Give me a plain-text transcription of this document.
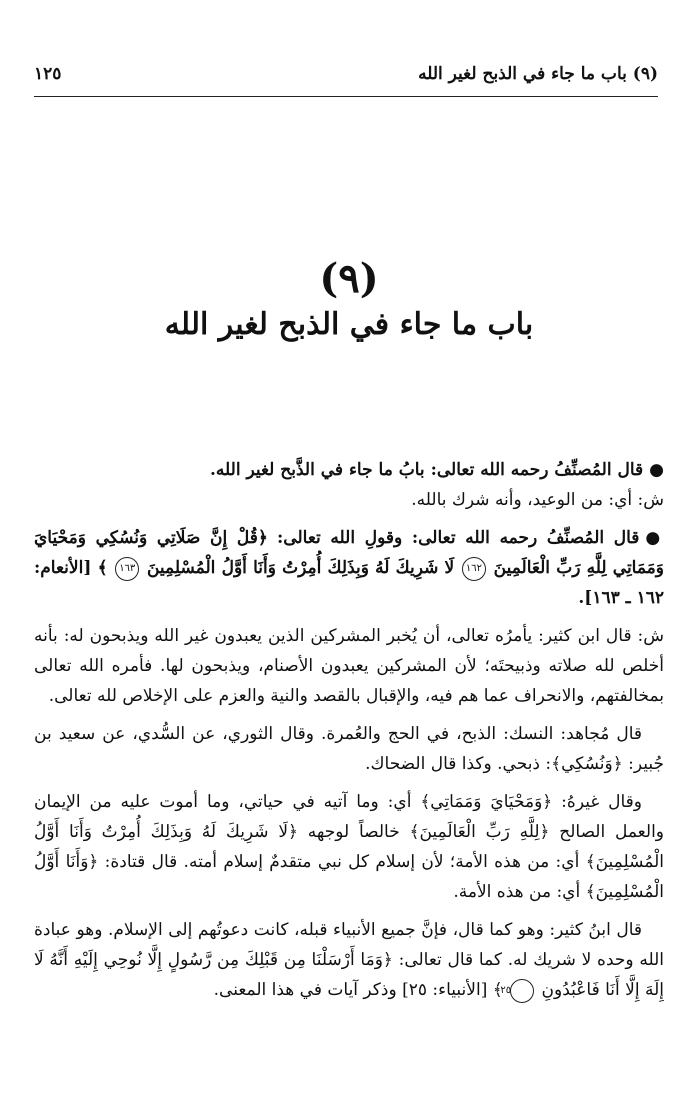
(٩) باب ما جاء في الذبح لغير الله
١٢٥
(٩)
باب ما جاء في الذبح لغير الله

●قال المُصنِّفُ رحمه الله تعالى: بابُ ما جاء في الذَّبح لغير الله.

ش: أي: من الوعيد، وأنه شرك بالله.

●قال المُصنِّفُ رحمه الله تعالى: وقولِ الله تعالى: ﴿قُلْ إِنَّ صَلَاتِي وَنُسُكِي وَمَحْيَايَ وَمَمَاتِي لِلَّهِ رَبِّ الْعَالَمِينَ ١٦٢ لَا شَرِيكَ لَهُ وَبِذَلِكَ أُمِرْتُ وَأَنَا أَوَّلُ الْمُسْلِمِينَ ١٦٣ ﴾ [الأنعام: ١٦٢ ـ ١٦٣].

ش: قال ابن كثير: يأمرُه تعالى، أن يُخبر المشركين الذين يعبدون غير الله ويذبحون له: بأنه أخلص لله صلاته وذبيحتَه؛ لأن المشركين يعبدون الأصنام، ويذبحون لها. فأمره الله تعالى بمخالفتهم، والانحراف عما هم فيه، والإقبال بالقصد والنية والعزم على الإخلاص لله تعالى.

قال مُجاهد: النسك: الذبح، في الحج والعُمرة. وقال الثوري، عن السُّدي، عن سعيد بن جُبير: ﴿وَنُسُكِي﴾: ذبحي. وكذا قال الضحاك.

وقال غيرهُ: ﴿وَمَحْيَايَ وَمَمَاتِي﴾ أي: وما آتيه في حياتي، وما أموت عليه من الإيمان والعمل الصالح ﴿لِلَّهِ رَبِّ الْعَالَمِينَ﴾ خالصاً لوجهه ﴿لَا شَرِيكَ لَهُ وَبِذَلِكَ أُمِرْتُ وَأَنَا أَوَّلُ الْمُسْلِمِينَ﴾ أي: من هذه الأمة؛ لأن إسلام كل نبي متقدمٌ إسلام أمته. قال قتادة: ﴿وَأَنَا أَوَّلُ الْمُسْلِمِينَ﴾ أي: من هذه الأمة.

قال ابنُ كثير: وهو كما قال، فإنَّ جميع الأنبياء قبله، كانت دعوتُهم إلى الإسلام. وهو عبادة الله وحده لا شريك له. كما قال تعالى: ﴿وَمَا أَرْسَلْنَا مِن قَبْلِكَ مِن رَّسُولٍ إِلَّا نُوحِي إِلَيْهِ أَنَّهُ لَا إِلَهَ إِلَّا أَنَا فَاعْبُدُونِ ٢٥ ﴾ [الأنبياء: ٢٥] وذكر آيات في هذا المعنى.
